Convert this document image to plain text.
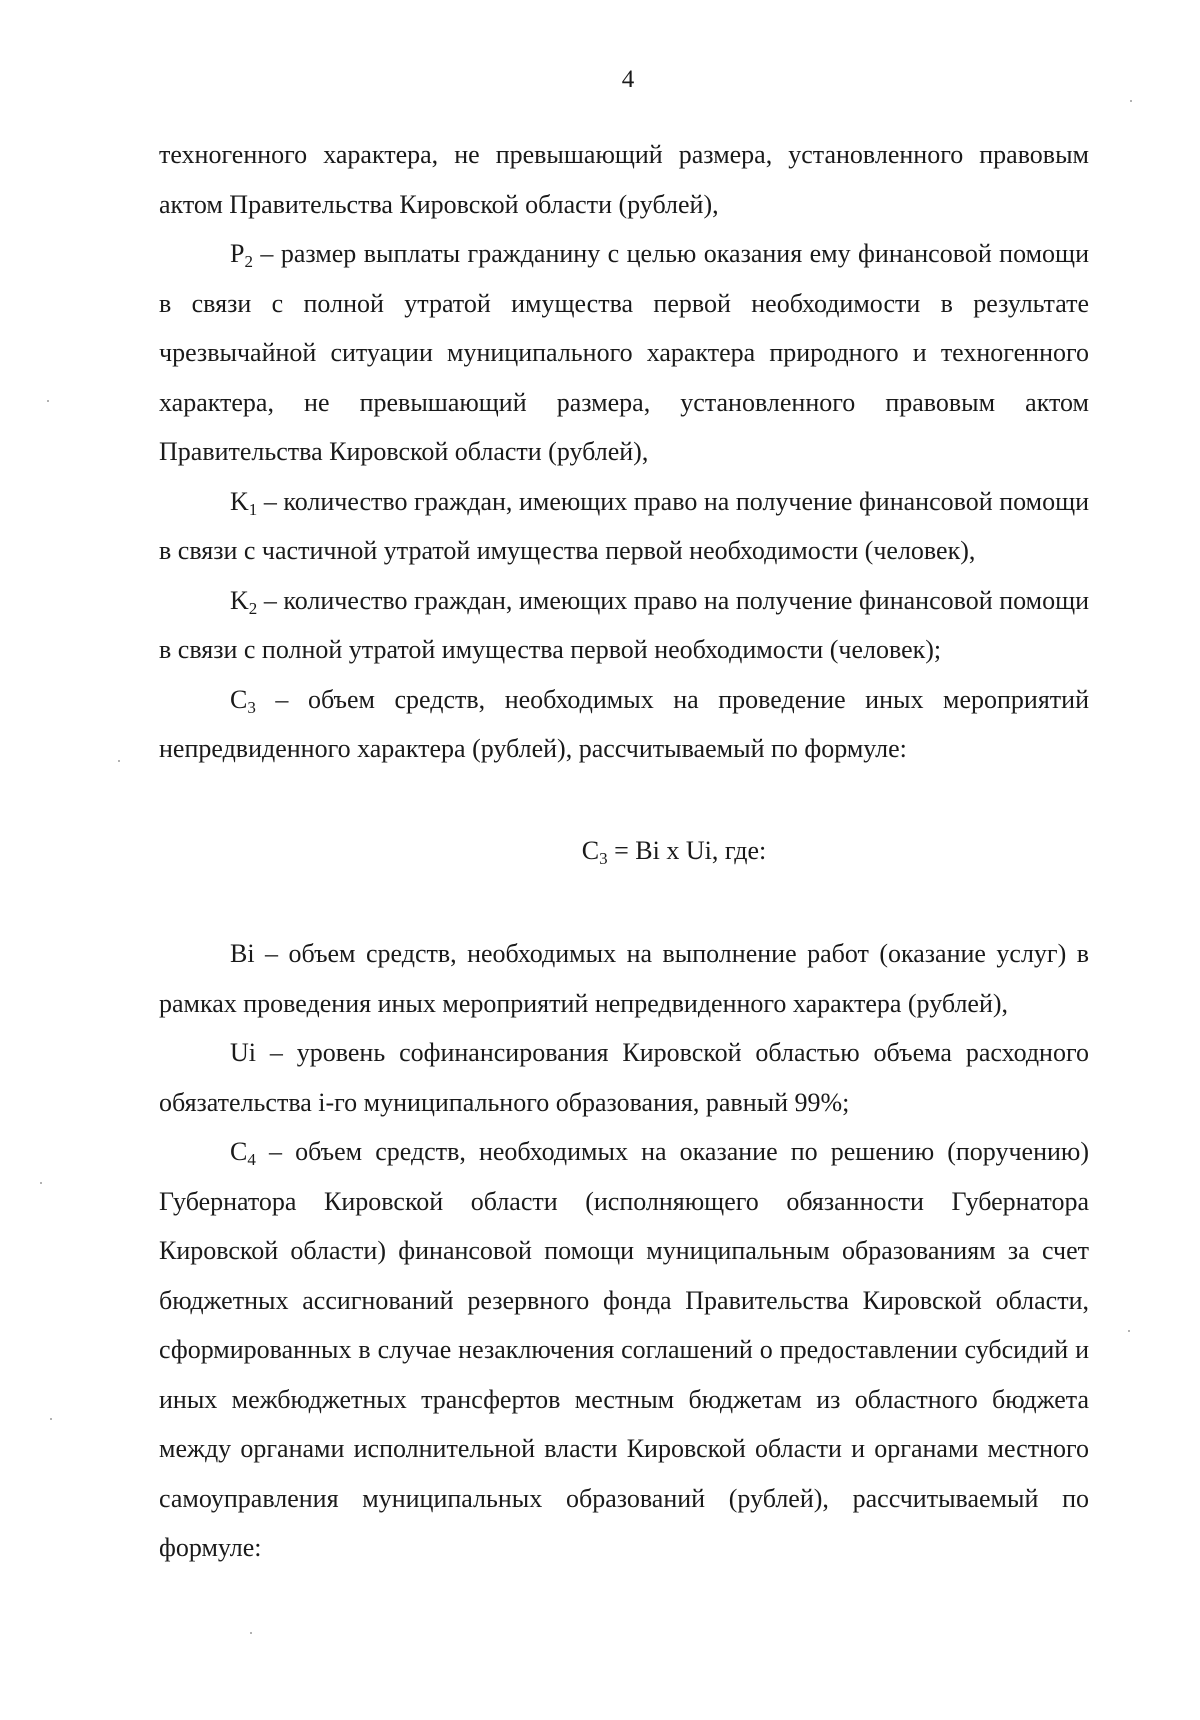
4

техногенного характера, не превышающий размера, установленного правовым актом Правительства Кировской области (рублей),

$P_2$ – размер выплаты гражданину с целью оказания ему финансовой помощи в связи с полной утратой имущества первой необходимости в результате чрезвычайной ситуации муниципального характера природного и техногенного характера, не превышающий размера, установленного правовым актом Правительства Кировской области (рублей),

$K_1$ – количество граждан, имеющих право на получение финансовой помощи в связи с частичной утратой имущества первой необходимости (человек),

$K_2$ – количество граждан, имеющих право на получение финансовой помощи в связи с полной утратой имущества первой необходимости (человек);

$C_3$ – объем средств, необходимых на проведение иных мероприятий непредвиденного характера (рублей), рассчитываемый по формуле:

$C_3 = Bi$ x Ui, где:

Bi – объем средств, необходимых на выполнение работ (оказание услуг) в рамках проведения иных мероприятий непредвиденного характера (рублей),

Ui – уровень софинансирования Кировской областью объема расходного обязательства i-го муниципального образования, равный 99%;

$C_4$ – объем средств, необходимых на оказание по решению (поручению) Губернатора Кировской области (исполняющего обязанности Губернатора Кировской области) финансовой помощи муниципальным образованиям за счет бюджетных ассигнований резервного фонда Правительства Кировской области, сформированных в случае незаключения соглашений о предоставлении субсидий и иных межбюджетных трансфертов местным бюджетам из областного бюджета между органами исполнительной власти Кировской области и органами местного самоуправления муниципальных образований (рублей), рассчитываемый по формуле:
